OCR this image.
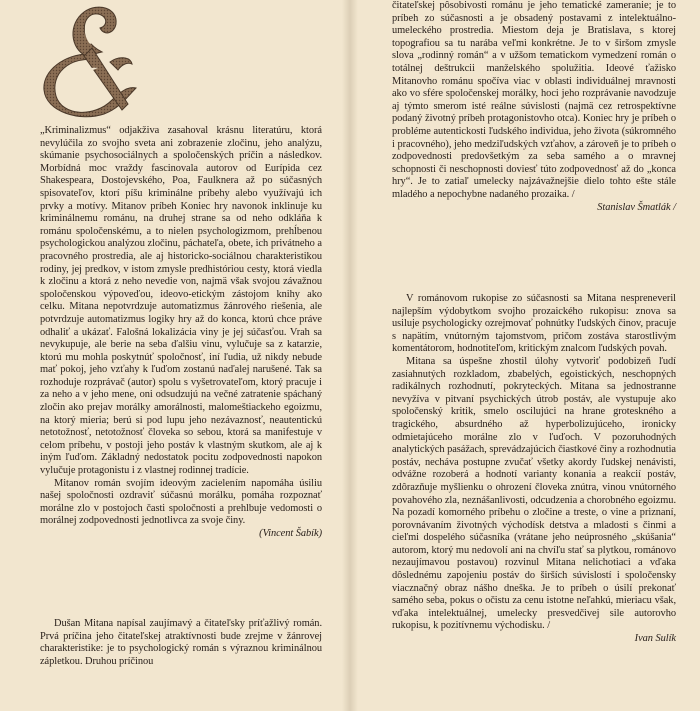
„Kriminalizmus“ odjakživa zasahoval krásnu literatúru, ktorá nevylúčila zo svojho sveta ani zobrazenie zločinu, jeho analýzu, skúmanie psychosociálnych a spoločenských príčin a následkov. Morbídná moc vraždy fascinovala autorov od Eurípida cez Shakespeara, Dostojevského, Poa, Faulknera až po súčasných spisovateľov, ktorí píšu kriminálne príbehy alebo využívajú ich prvky a motívy. Mitanov príbeh Koniec hry navonok inklinuje ku kriminálnemu románu, na druhej strane sa od neho odkláňa k románu spoločenskému, a to nielen psychologizmom, prehĺbenou psychologickou analýzou zločinu, páchateľa, obete, ich privátneho a pracovného prostredia, ale aj historicko-sociálnou charakteristikou rodiny, jej predkov, v istom zmysle predhistóriou cesty, ktorá viedla k zločinu a ktorá z neho nevedie von, najmä však svojou závažnou spoločenskou výpoveďou, ideovo-etickým zástojom knihy ako celku. Mitana nepotvrdzuje automatizmus žánrového riešenia, ale potvrdzuje automatizmus logiky hry až do konca, ktorú chce práve odhaliť a ukázať. Falošná lokalizácia viny je jej súčasťou. Vrah sa nevykupuje, ale berie na seba ďalšiu vinu, vylučuje sa z katarzie, ktorú mu mohla poskytnúť spoločnosť, iní ľudia, už nikdy nebude mať pokoj, jeho vzťahy k ľuďom zostanú naďalej narušené. Tak sa rozhoduje rozprávač (autor) spolu s vyšetrovateľom, ktorý pracuje i za neho a v jeho mene, oni odsudzujú na večné zatratenie spáchaný zločin ako prejav morálky amorálnosti, malomeštiackeho egoizmu, na ktorý mieria; berú si pod lupu jeho nezávaznosť, neautentickú netotožnosť, netotožnosť človeka so sebou, ktorá sa manifestuje v celom príbehu, v postoji jeho postáv k vlastným skutkom, ale aj k iným ľuďom. Základný nedostatok pocitu zodpovednosti napokon vylučuje protagonistu i z vlastnej rodinnej tradície.

Mitanov román svojím ideovým zacielením napomáha úsiliu našej spoločnosti ozdraviť súčasnú morálku, pomáha rozpoznať morálne zlo v postojoch časti spoločnosti a prehlbuje vedomosti o morálnej zodpovednosti jednotlivca za svoje činy.

(Vincent Šabík)

Dušan Mitana napísal zaujímavý a čitateľsky príťažlivý román. Prvá príčina jeho čitateľskej atraktívnosti bude zrejme v žánrovej charakteristike: je to psychologický román s výraznou kriminálnou zápletkou. Druhou príčinou

čitateľskej pôsobivosti románu je jeho tematické zameranie; je to príbeh zo súčasnosti a je obsadený postavami z intelektuálno-umeleckého prostredia. Miestom deja je Bratislava, s ktorej topografiou sa tu narába veľmi konkrétne. Je to v širšom zmysle slova „rodinný román“ a v užšom tematickom vymedzení román o totálnej deštrukcii manželského spolužitia. Ideové ťažisko Mitanovho románu spočíva viac v oblasti individuálnej mravnosti ako vo sfére spoločenskej morálky, hoci jeho rozprávanie navodzuje aj týmto smerom isté reálne súvislosti (najmä cez retrospektívne podaný životný príbeh protagonistovho otca). Koniec hry je príbeh o probléme autentickosti ľudského individua, jeho života (súkromného i pracovného), jeho medziľudských vzťahov, a zároveň je to príbeh o zodpovednosti predovšetkým za seba samého a o mravnej schopnosti či neschopnosti doviesť túto zodpovednosť až do „konca hry“. Je to zatiaľ umelecky najzávažnejšie dielo tohto ešte stále mladého a nepochybne nadaného prozaika. /

Stanislav Šmatlák /

V románovom rukopise zo súčasnosti sa Mitana nespreneveril najlepším výdobytkom svojho prozaického rukopisu: znova sa usiluje psychologicky ozrejmovať pohnútky ľudských činov, pracuje s napätím, vnútorným tajomstvom, pričom zostáva starostlivým komentátorom, hodnotiteľom, kritickým znalcom ľudských povah.

Mitana sa úspešne zhostil úlohy vytvoriť podobizeň ľudí zasiahnutých rozkladom, zbabelých, egoistických, neschopných radikálnych rozhodnutí, pokryteckých. Mitana sa jednostranne nevyžíva v pitvaní psychických útrob postáv, ale vystupuje ako spoločenský kritik, smelo oscilujúci na hrane groteskného a tragického, absurdného až hyperbolizujúceho, ironicky odmietajúceho morálne zlo v ľuďoch. V pozoruhodných analytických pasážach, sprevádzajúcich čiastkové činy a rozhodnutia postáv, necháva postupne zvučať všetky akordy ľudskej nenávisti, odvážne rozoberá a hodnotí varianty konania a reakcií postáv, zdôrazňuje myšlienku o ohrození človeka znútra, vinou vnútorného povahového zla, neznášanlivosti, odcudzenia a chorobného egoizmu. Na pozadí komorného príbehu o zločine a treste, o vine a priznaní, porovnávaním životných východísk detstva a mladosti s činmi a cieľmi dospelého súčasníka (vrátane jeho neúprosného „skúšania“ autorom, ktorý mu nedovolí ani na chvíľu stať sa plytkou, románovo nezaujímavou postavou) rozvinul Mitana nelichotiaci a vďaka dôslednému zapojeniu postáv do širších súvislostí i spoločensky viacznačný obraz nášho dneška. Je to príbeh o úsilí prekonať samého seba, pokus o očistu za cenu istotne neľahkú, mieriacu však, vďaka intelektuálnej, umelecky presvedčivej sile autorovho rukopisu, k pozitívnemu východisku. /

Ivan Sulík
